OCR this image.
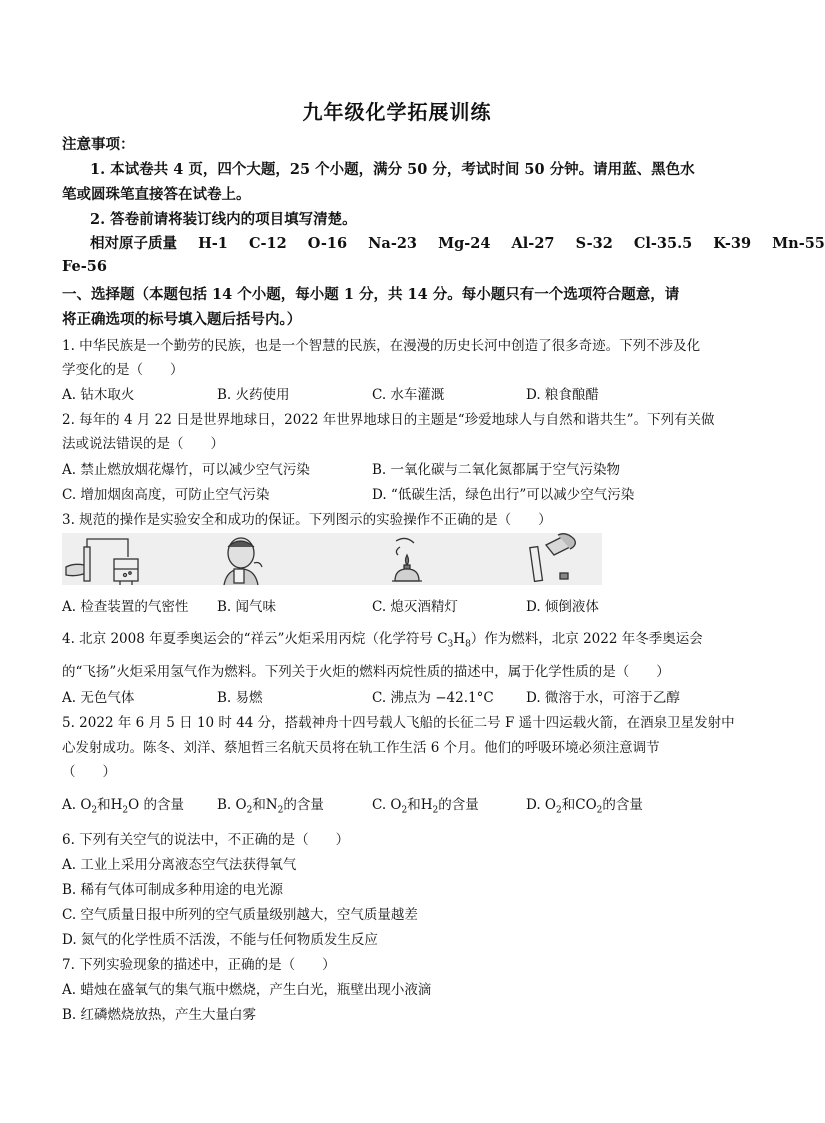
九年级化学拓展训练
注意事项：
1. 本试卷共 4 页，四个大题，25 个小题，满分 50 分，考试时间 50 分钟。请用蓝、黑色水
笔或圆珠笔直接答在试卷上。
2. 答卷前请将装订线内的项目填写清楚。
相对原子质量 H-1 C-12 O-16 Na-23 Mg-24 Al-27 S-32 Cl-35.5 K-39 Mn-55
Fe-56
一、选择题（本题包括 14 个小题，每小题 1 分，共 14 分。每小题只有一个选项符合题意，请
将正确选项的标号填入题后括号内。）
1. 中华民族是一个勤劳的民族，也是一个智慧的民族，在漫漫的历史长河中创造了很多奇迹。下列不涉及化
学变化的是（　　）
A. 钻木取火	B. 火药使用	C. 水车灌溉	D. 粮食酿醋
2. 每年的 4 月 22 日是世界地球日，2022 年世界地球日的主题是“珍爱地球人与自然和谐共生”。下列有关做
法或说法错误的是（　　）
A. 禁止燃放烟花爆竹，可以减少空气污染	B. 一氧化碳与二氧化氮都属于空气污染物
C. 增加烟囱高度，可防止空气污染	D. “低碳生活，绿色出行”可以减少空气污染
3. 规范的操作是实验安全和成功的保证。下列图示的实验操作不正确的是（　　）
A. 检查装置的气密性 B. 闻气味	C. 熄灭酒精灯	D. 倾倒液体
4. 北京 2008 年夏季奥运会的“祥云”火炬采用丙烷（化学符号 $C_3H_8$）作为燃料，北京 2022 年冬季奥运会
的“飞扬”火炬采用氢气作为燃料。下列关于火炬的燃料丙烷性质的描述中，属于化学性质的是（　　）
A. 无色气体	B. 易燃	C. 沸点为 −42.1°C D. 微溶于水，可溶于乙醇
5. 2022 年 6 月 5 日 10 时 44 分，搭载神舟十四号载人飞船的长征二号 F 遥十四运载火箭，在酒泉卫星发射中
心发射成功。陈冬、刘洋、蔡旭哲三名航天员将在轨工作生活 6 个月。他们的呼吸环境必须注意调节
（　　）
A. $O_2$和$H_2O$ 的含量 B. $O_2$和$N_2$的含量	C. $O_2$和$H_2$的含量	D. $O_2$和$CO_2$的含量
6. 下列有关空气的说法中，不正确的是（　　）
A. 工业上采用分离液态空气法获得氧气
B. 稀有气体可制成多种用途的电光源
C. 空气质量日报中所列的空气质量级别越大，空气质量越差
D. 氮气的化学性质不活泼，不能与任何物质发生反应
7. 下列实验现象的描述中，正确的是（　　）
A. 蜡烛在盛氧气的集气瓶中燃烧，产生白光，瓶壁出现小液滴
B. 红磷燃烧放热，产生大量白雾
